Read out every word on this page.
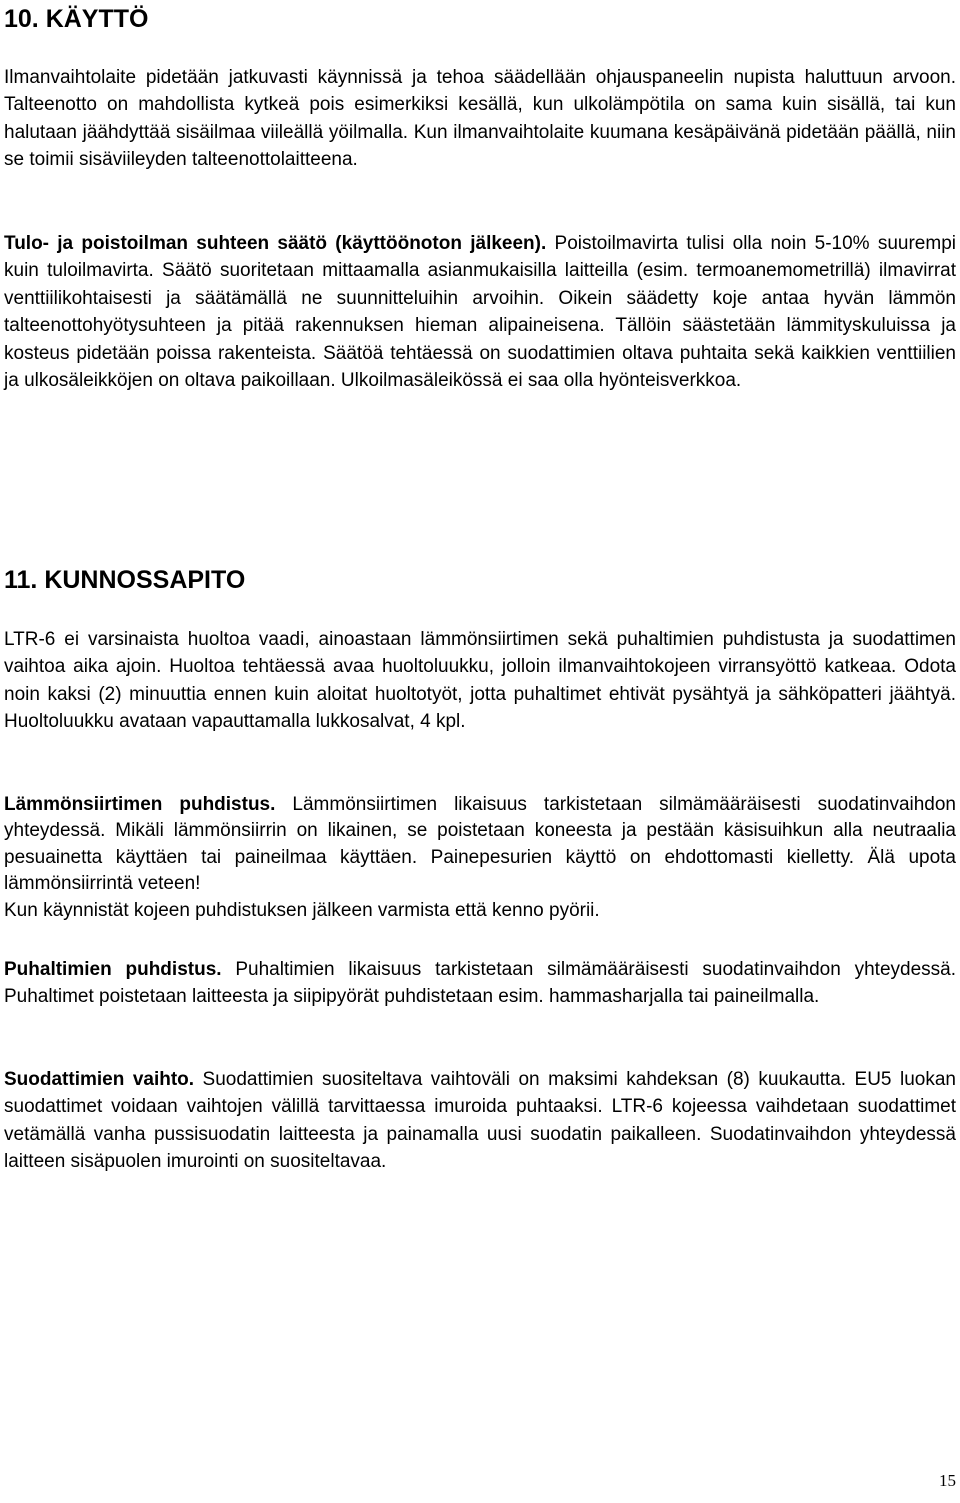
10. KÄYTTÖ

Ilmanvaihtolaite pidetään jatkuvasti käynnissä ja tehoa säädellään ohjauspaneelin nupista haluttuun arvoon. Talteenotto on mahdollista kytkeä pois esimerkiksi kesällä, kun ulkolämpötila on sama kuin sisällä, tai kun halutaan jäähdyttää sisäilmaa viileällä yöilmalla. Kun ilmanvaihtolaite kuumana kesäpäivänä pidetään päällä, niin se toimii sisäviileyden talteenottolaitteena.

Tulo- ja poistoilman suhteen säätö (käyttöönoton jälkeen). Poistoilmavirta tulisi olla noin 5-10% suurempi kuin tuloilmavirta. Säätö suoritetaan mittaamalla asianmukaisilla laitteilla (esim. termoanemometrillä) ilmavirrat venttiilikohtaisesti ja säätämällä ne suunnitteluihin arvoihin. Oikein säädetty koje antaa hyvän lämmön talteenottohyötysuhteen ja pitää rakennuksen hieman alipaineisena. Tällöin säästetään lämmityskuluissa ja kosteus pidetään poissa rakenteista. Säätöä tehtäessä on suodattimien oltava puhtaita sekä kaikkien venttiilien ja ulkosäleikköjen on oltava paikoillaan. Ulkoilmasäleikössä ei saa olla hyönteisverkkoa.

11. KUNNOSSAPITO

LTR-6 ei varsinaista huoltoa vaadi, ainoastaan lämmönsiirtimen sekä puhaltimien puhdistusta ja suodattimen vaihtoa aika ajoin. Huoltoa tehtäessä avaa huoltoluukku, jolloin ilmanvaihtokojeen virransyöttö katkeaa. Odota noin kaksi (2) minuuttia ennen kuin aloitat huoltotyöt, jotta puhaltimet ehtivät pysähtyä ja sähköpatteri jäähtyä. Huoltoluukku avataan vapauttamalla lukkosalvat, 4 kpl.

Lämmönsiirtimen puhdistus. Lämmönsiirtimen likaisuus tarkistetaan silmämääräisesti suodatinvaihdon yhteydessä. Mikäli lämmönsiirrin on likainen, se poistetaan koneesta ja pestään käsisuihkun alla neutraalia pesuainetta käyttäen tai paineilmaa käyttäen. Painepesurien käyttö on ehdottomasti kielletty. Älä upota lämmönsiirrintä veteen!
Kun käynnistät kojeen puhdistuksen jälkeen varmista että kenno pyörii.

Puhaltimien puhdistus. Puhaltimien likaisuus tarkistetaan silmämääräisesti suodatinvaihdon yhteydessä. Puhaltimet poistetaan laitteesta ja siipipyörät puhdistetaan esim. hammasharjalla tai paineilmalla.

Suodattimien vaihto. Suodattimien suositeltava vaihtoväli on maksimi kahdeksan (8) kuukautta. EU5 luokan suodattimet voidaan vaihtojen välillä tarvittaessa imuroida puhtaaksi. LTR-6 kojeessa vaihdetaan suodattimet vetämällä vanha pussisuodatin laitteesta ja painamalla uusi suodatin paikalleen. Suodatinvaihdon yhteydessä laitteen sisäpuolen imurointi on suositeltavaa.

15
